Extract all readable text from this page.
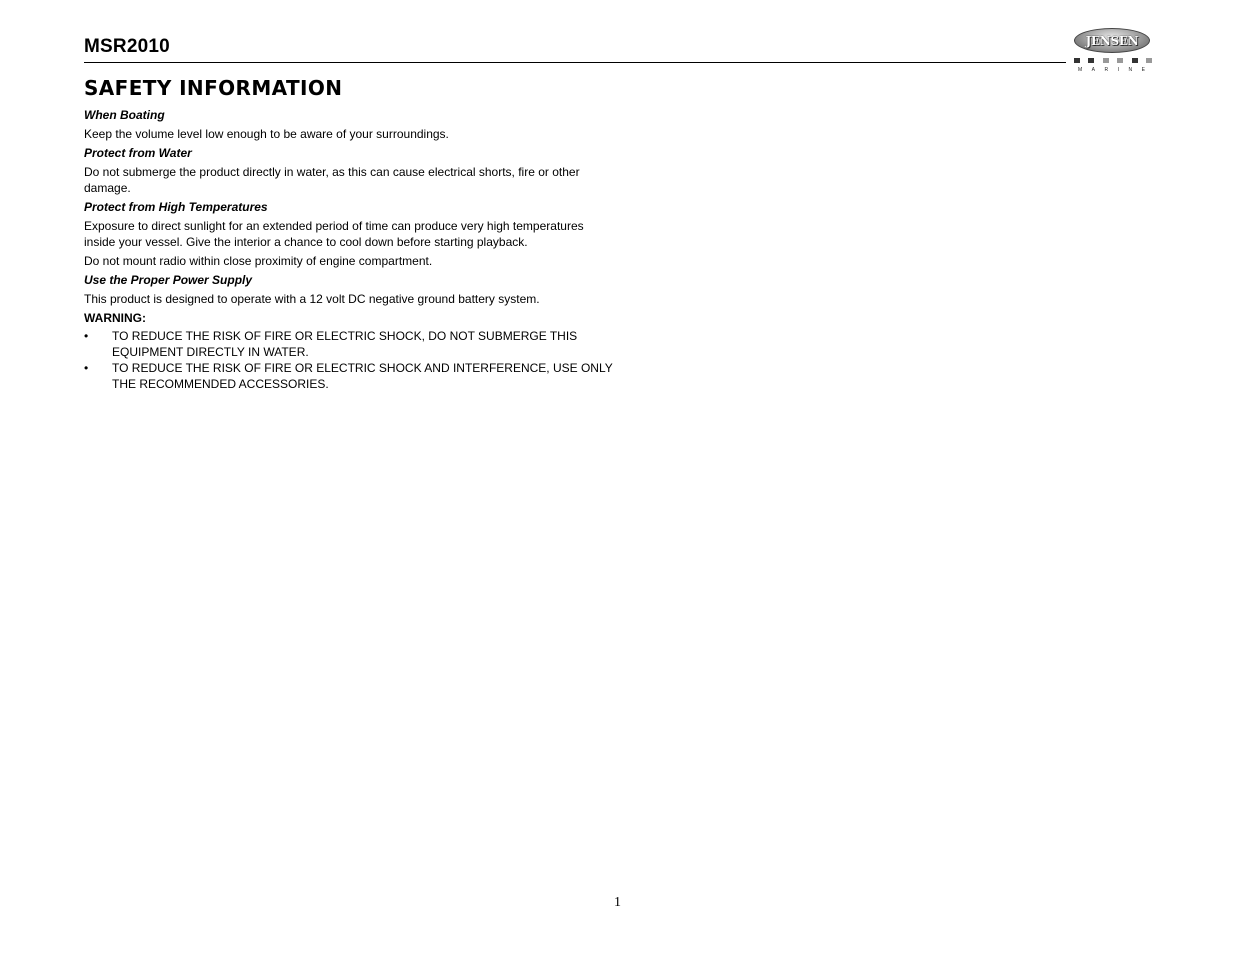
MSR2010	JENSEN
MARINE
SAFETY INFORMATION
When Boating

Keep the volume level low enough to be aware of your surroundings.

Protect from Water

Do not submerge the product directly in water, as this can cause electrical shorts, fire or other damage.

Protect from High Temperatures

Exposure to direct sunlight for an extended period of time can produce very high temperatures inside your vessel. Give the interior a chance to cool down before starting playback.

Do not mount radio within close proximity of engine compartment.

Use the Proper Power Supply

This product is designed to operate with a 12 volt DC negative ground battery system.

WARNING:
• TO REDUCE THE RISK OF FIRE OR ELECTRIC SHOCK, DO NOT SUBMERGE THIS EQUIPMENT DIRECTLY IN WATER.
• TO REDUCE THE RISK OF FIRE OR ELECTRIC SHOCK AND INTERFERENCE, USE ONLY THE RECOMMENDED ACCESSORIES.
1
